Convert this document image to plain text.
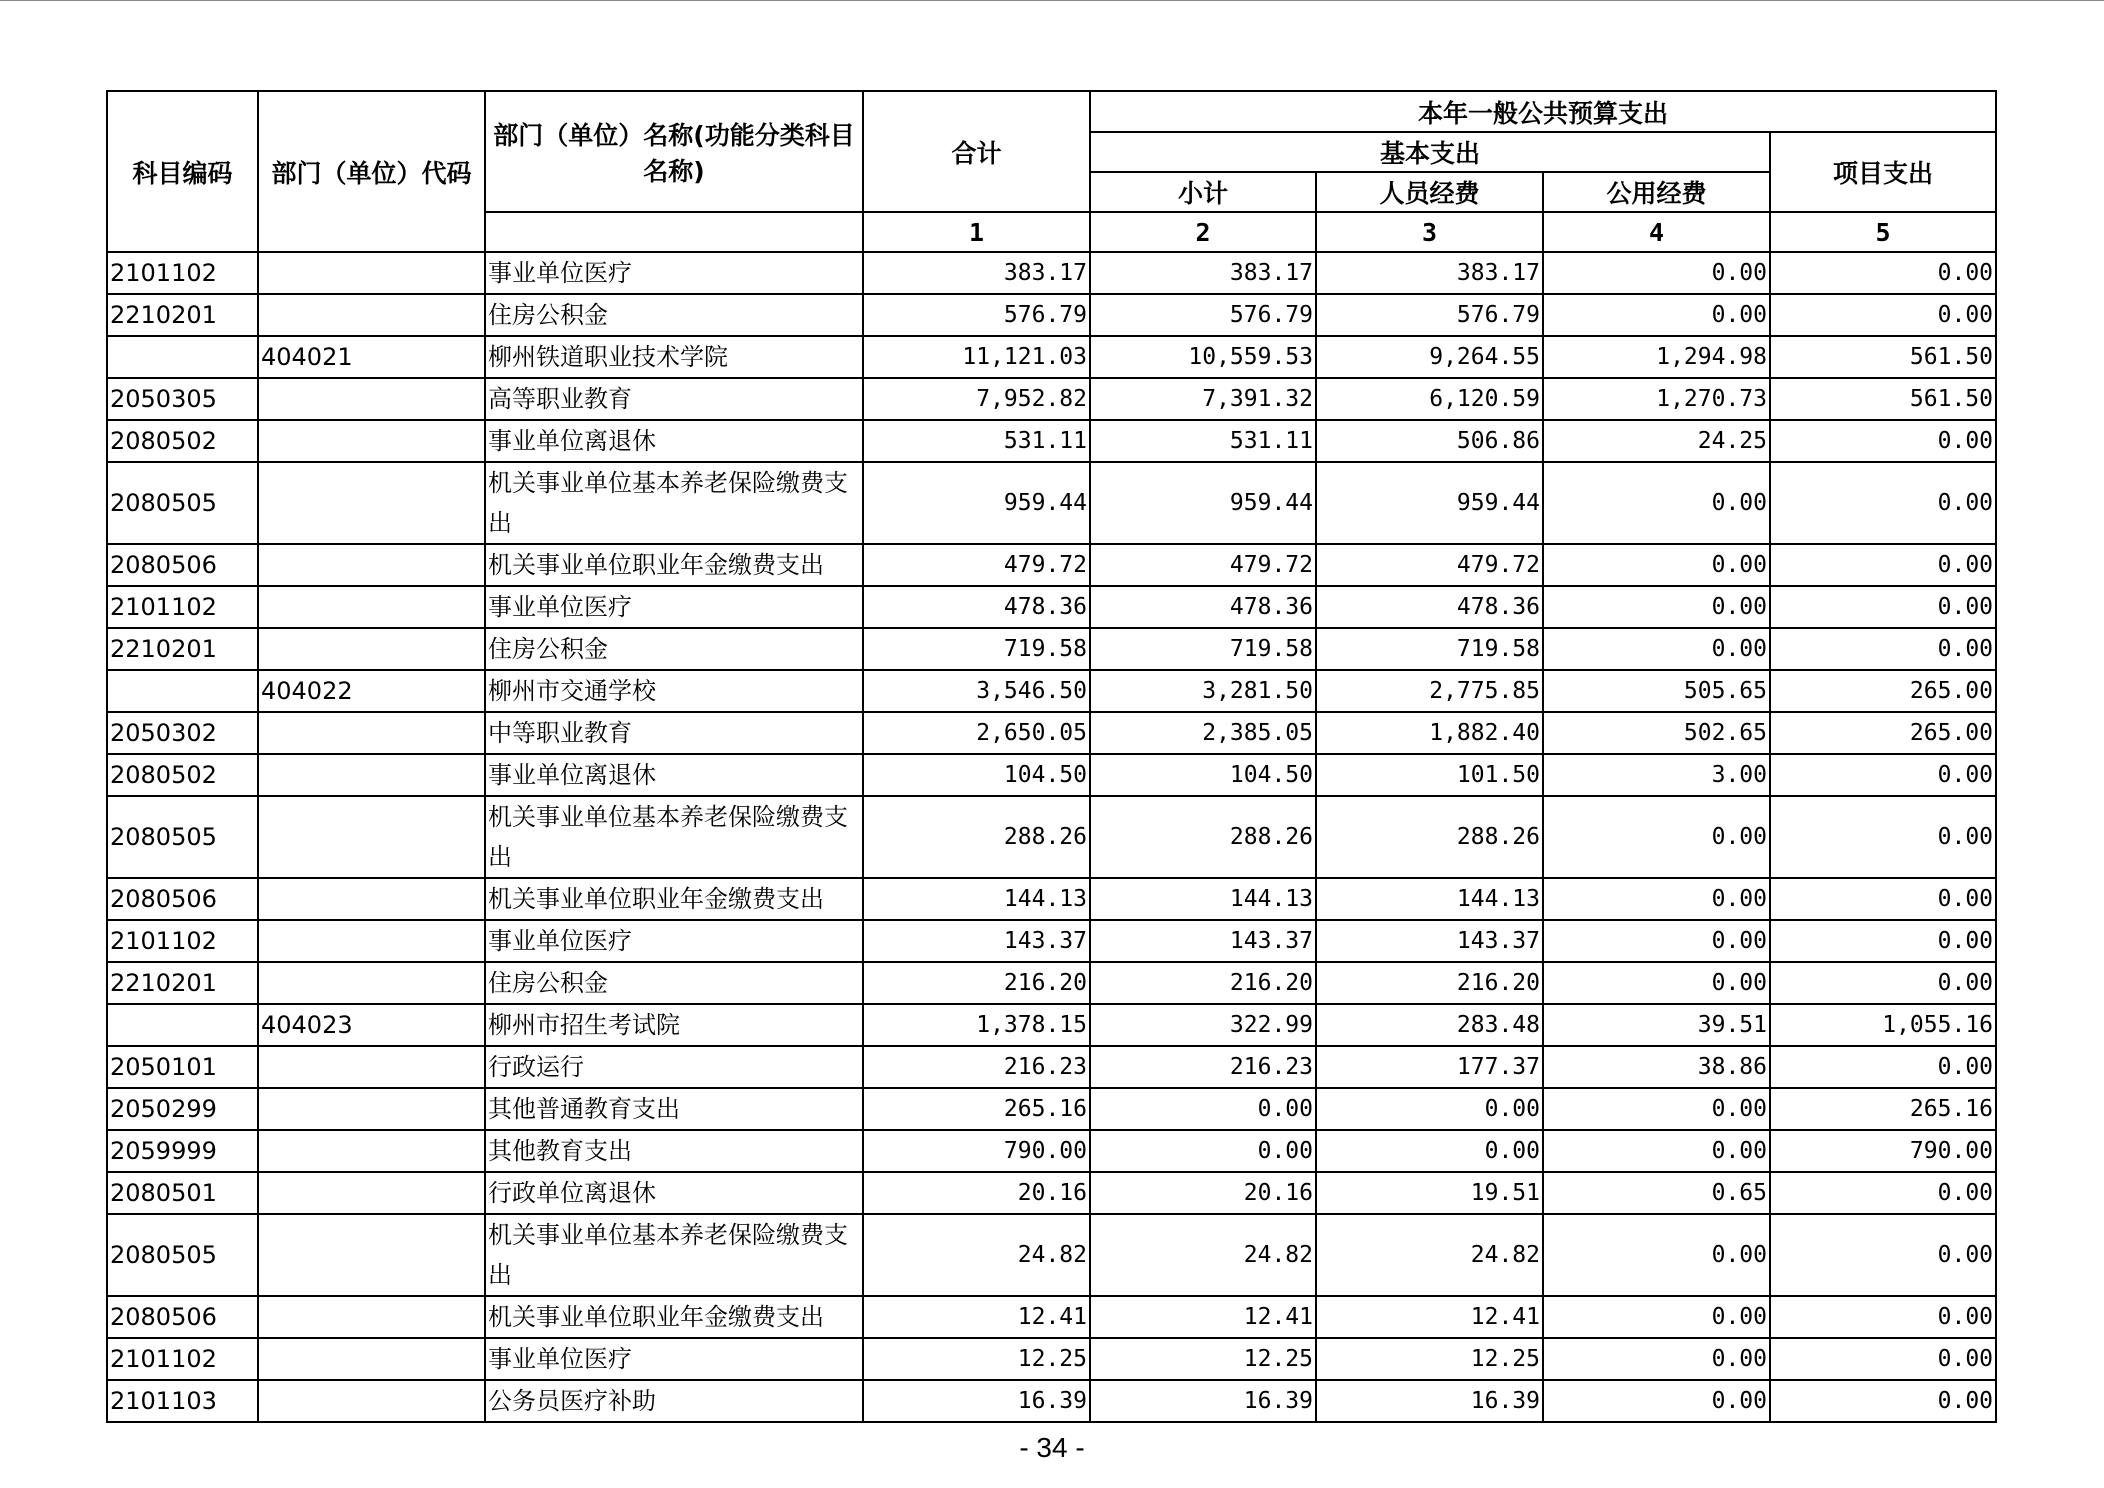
科目编码	部门（单位）代码	部门（单位）名称(功能分类科目名称)	合计	本年一般公共预算支出			
				基本支出			项目支出
				小计	人员经费	公用经费	
			1	2	3	4	5
2101102		事业单位医疗	383.17	383.17	383.17	0.00	0.00
2210201		住房公积金	576.79	576.79	576.79	0.00	0.00
	404021	柳州铁道职业技术学院	11,121.03	10,559.53	9,264.55	1,294.98	561.50
2050305		高等职业教育	7,952.82	7,391.32	6,120.59	1,270.73	561.50
2080502		事业单位离退休	531.11	531.11	506.86	24.25	0.00
2080505		机关事业单位基本养老保险缴费支出	959.44	959.44	959.44	0.00	0.00
2080506		机关事业单位职业年金缴费支出	479.72	479.72	479.72	0.00	0.00
2101102		事业单位医疗	478.36	478.36	478.36	0.00	0.00
2210201		住房公积金	719.58	719.58	719.58	0.00	0.00
	404022	柳州市交通学校	3,546.50	3,281.50	2,775.85	505.65	265.00
2050302		中等职业教育	2,650.05	2,385.05	1,882.40	502.65	265.00
2080502		事业单位离退休	104.50	104.50	101.50	3.00	0.00
2080505		机关事业单位基本养老保险缴费支出	288.26	288.26	288.26	0.00	0.00
2080506		机关事业单位职业年金缴费支出	144.13	144.13	144.13	0.00	0.00
2101102		事业单位医疗	143.37	143.37	143.37	0.00	0.00
2210201		住房公积金	216.20	216.20	216.20	0.00	0.00
	404023	柳州市招生考试院	1,378.15	322.99	283.48	39.51	1,055.16
2050101		行政运行	216.23	216.23	177.37	38.86	0.00
2050299		其他普通教育支出	265.16	0.00	0.00	0.00	265.16
2059999		其他教育支出	790.00	0.00	0.00	0.00	790.00
2080501		行政单位离退休	20.16	20.16	19.51	0.65	0.00
2080505		机关事业单位基本养老保险缴费支出	24.82	24.82	24.82	0.00	0.00
2080506		机关事业单位职业年金缴费支出	12.41	12.41	12.41	0.00	0.00
2101102		事业单位医疗	12.25	12.25	12.25	0.00	0.00
2101103		公务员医疗补助	16.39	16.39	16.39	0.00	0.00
- 34 -
